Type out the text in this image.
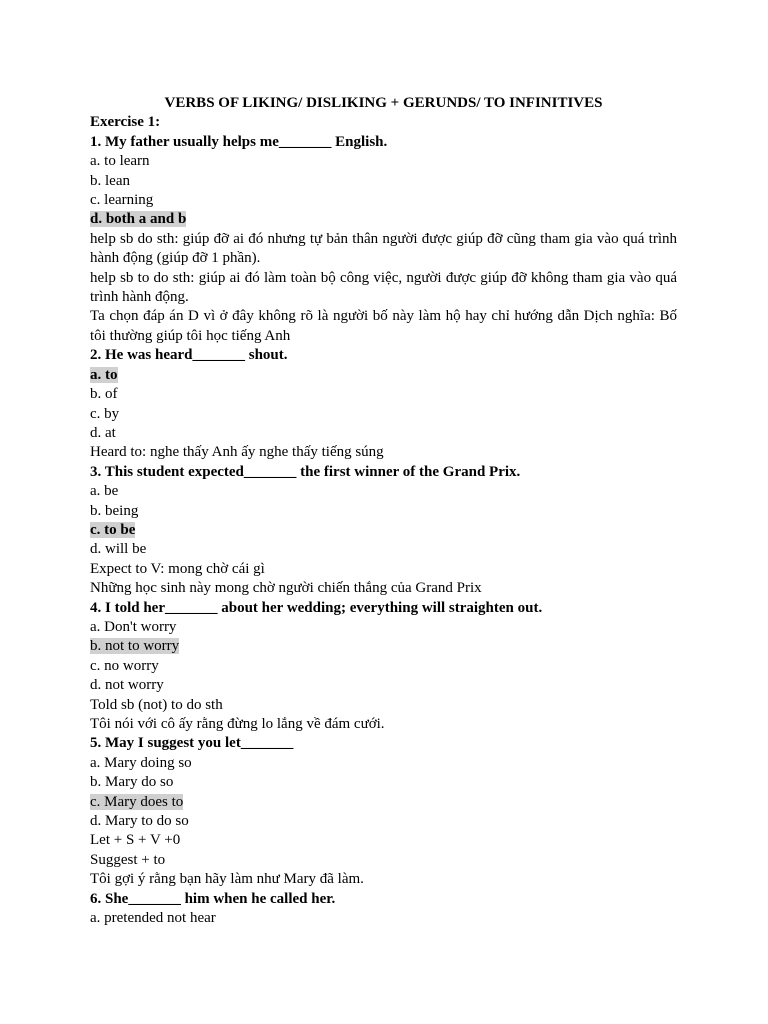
VERBS OF LIKING/ DISLIKING + GERUNDS/ TO INFINITIVES

Exercise 1:

1. My father usually helps me_______ English.

a. to learn

b. lean

c. learning

d. both a and b

help sb do sth: giúp đỡ ai đó nhưng tự bản thân người được giúp đỡ cũng tham gia vào quá trình hành động (giúp đỡ 1 phần).

help sb to do sth: giúp ai đó làm toàn bộ công việc, người được giúp đỡ không tham gia vào quá trình hành động.

Ta chọn đáp án D vì ở đây không rõ là người bố này làm hộ hay chỉ hướng dẫn Dịch nghĩa: Bố tôi thường giúp tôi học tiếng Anh

2. He was heard_______ shout.

a. to

b. of

c. by

d. at

Heard to: nghe thấy Anh ấy nghe thấy tiếng súng

3. This student expected_______ the first winner of the Grand Prix.

a. be

b. being

c. to be

d. will be

Expect to V: mong chờ cái gì

Những học sinh này mong chờ người chiến thắng của Grand Prix

4. I told her_______ about her wedding; everything will straighten out.

a. Don't worry

b. not to worry

c. no worry

d. not worry

Told sb (not) to do sth

Tôi nói với cô ấy rằng đừng lo lắng về đám cưới.

5. May I suggest you let_______

a. Mary doing so

b. Mary do so

c. Mary does to

d. Mary to do so

Let + S + V +0

Suggest + to

Tôi gợi ý rằng bạn hãy làm như Mary đã làm.

6. She_______ him when he called her.

a. pretended not hear
